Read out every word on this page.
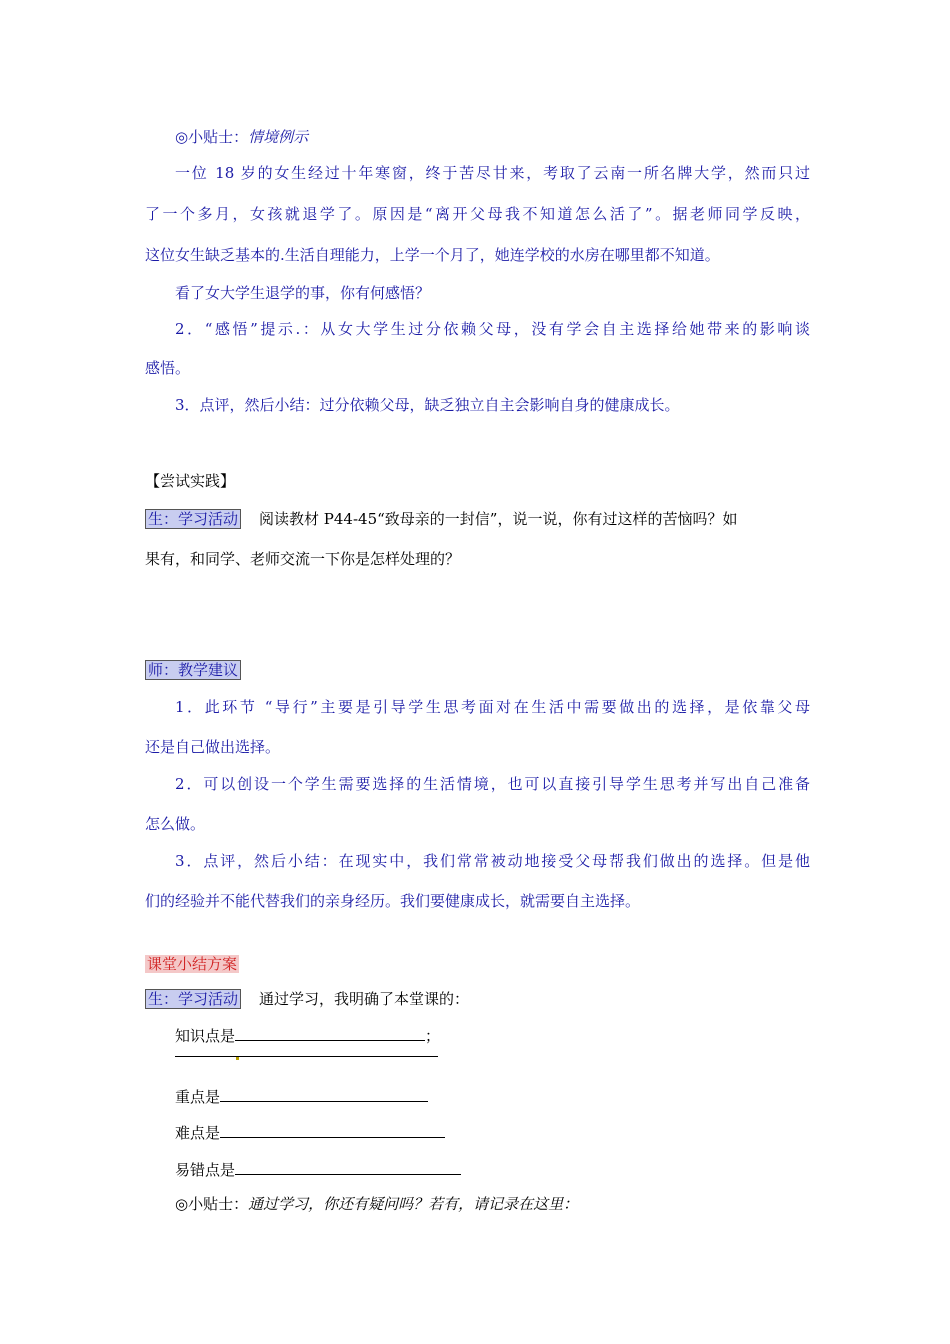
◎小贴士：情境例示
一位 18 岁的女生经过十年寒窗，终于苦尽甘来，考取了云南一所名牌大学，然而只过
了一个多月，女孩就退学了。原因是“离开父母我不知道怎么活了”。据老师同学反映，
这位女生缺乏基本的.生活自理能力，上学一个月了，她连学校的水房在哪里都不知道。
看了女大学生退学的事，你有何感悟？
2．“感悟”提示.：从女大学生过分依赖父母，没有学会自主选择给她带来的影响谈
感悟。
3．点评，然后小结：过分依赖父母，缺乏独立自主会影响自身的健康成长。
【尝试实践】
生：学习活动 阅读教材 P44-45“致母亲的一封信”，说一说，你有过这样的苦恼吗？如
果有，和同学、老师交流一下你是怎样处理的？
师：教学建议
1．此环节 “导行”主要是引导学生思考面对在生活中需要做出的选择，是依靠父母
还是自己做出选择。
2．可以创设一个学生需要选择的生活情境，也可以直接引导学生思考并写出自己准备
怎么做。
3．点评，然后小结：在现实中，我们常常被动地接受父母帮我们做出的选择。但是他
们的经验并不能代替我们的亲身经历。我们要健康成长，就需要自主选择。
课堂小结方案
生：学习活动 通过学习，我明确了本堂课的：
知识点是	；
重点是
难点是
易错点是
◎小贴士：通过学习，你还有疑问吗？若有，请记录在这里：
